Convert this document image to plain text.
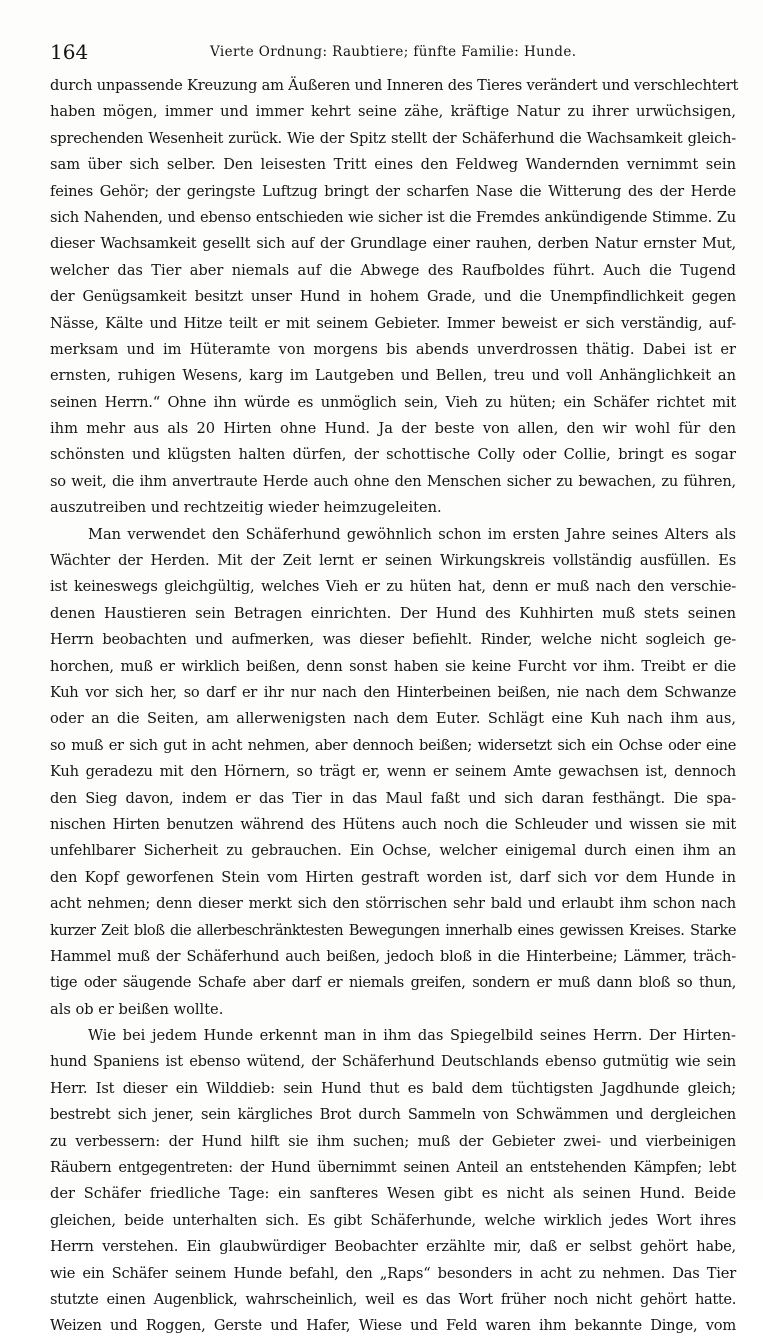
164	Vierte Ordnung: Raubtiere; fünfte Familie: Hunde.
durch unpassende Kreuzung am Äußeren und Inneren des Tieres verändert und verschlechtert
haben mögen, immer und immer kehrt seine zähe, kräftige Natur zu ihrer urwüchsigen,
sprechenden Wesenheit zurück. Wie der Spitz stellt der Schäferhund die Wachsamkeit gleich-
sam über sich selber. Den leisesten Tritt eines den Feldweg Wandernden vernimmt sein
feines Gehör; der geringste Luftzug bringt der scharfen Nase die Witterung des der Herde
sich Nahenden, und ebenso entschieden wie sicher ist die Fremdes ankündigende Stimme. Zu
dieser Wachsamkeit gesellt sich auf der Grundlage einer rauhen, derben Natur ernster Mut,
welcher das Tier aber niemals auf die Abwege des Raufboldes führt. Auch die Tugend
der Genügsamkeit besitzt unser Hund in hohem Grade, und die Unempfindlichkeit gegen
Nässe, Kälte und Hitze teilt er mit seinem Gebieter. Immer beweist er sich verständig, auf-
merksam und im Hüteramte von morgens bis abends unverdrossen thätig. Dabei ist er
ernsten, ruhigen Wesens, karg im Lautgeben und Bellen, treu und voll Anhänglichkeit an
seinen Herrn.“ Ohne ihn würde es unmöglich sein, Vieh zu hüten; ein Schäfer richtet mit
ihm mehr aus als 20 Hirten ohne Hund. Ja der beste von allen, den wir wohl für den
schönsten und klügsten halten dürfen, der schottische Colly oder Collie, bringt es sogar
so weit, die ihm anvertraute Herde auch ohne den Menschen sicher zu bewachen, zu führen,
auszutreiben und rechtzeitig wieder heimzugeleiten.
Man verwendet den Schäferhund gewöhnlich schon im ersten Jahre seines Alters als
Wächter der Herden. Mit der Zeit lernt er seinen Wirkungskreis vollständig ausfüllen. Es
ist keineswegs gleichgültig, welches Vieh er zu hüten hat, denn er muß nach den verschie-
denen Haustieren sein Betragen einrichten. Der Hund des Kuhhirten muß stets seinen
Herrn beobachten und aufmerken, was dieser befiehlt. Rinder, welche nicht sogleich ge-
horchen, muß er wirklich beißen, denn sonst haben sie keine Furcht vor ihm. Treibt er die
Kuh vor sich her, so darf er ihr nur nach den Hinterbeinen beißen, nie nach dem Schwanze
oder an die Seiten, am allerwenigsten nach dem Euter. Schlägt eine Kuh nach ihm aus,
so muß er sich gut in acht nehmen, aber dennoch beißen; widersetzt sich ein Ochse oder eine
Kuh geradezu mit den Hörnern, so trägt er, wenn er seinem Amte gewachsen ist, dennoch
den Sieg davon, indem er das Tier in das Maul faßt und sich daran festhängt. Die spa-
nischen Hirten benutzen während des Hütens auch noch die Schleuder und wissen sie mit
unfehlbarer Sicherheit zu gebrauchen. Ein Ochse, welcher einigemal durch einen ihm an
den Kopf geworfenen Stein vom Hirten gestraft worden ist, darf sich vor dem Hunde in
acht nehmen; denn dieser merkt sich den störrischen sehr bald und erlaubt ihm schon nach
kurzer Zeit bloß die allerbeschränktesten Bewegungen innerhalb eines gewissen Kreises. Starke
Hammel muß der Schäferhund auch beißen, jedoch bloß in die Hinterbeine; Lämmer, träch-
tige oder säugende Schafe aber darf er niemals greifen, sondern er muß dann bloß so thun,
als ob er beißen wollte.
Wie bei jedem Hunde erkennt man in ihm das Spiegelbild seines Herrn. Der Hirten-
hund Spaniens ist ebenso wütend, der Schäferhund Deutschlands ebenso gutmütig wie sein
Herr. Ist dieser ein Wilddieb: sein Hund thut es bald dem tüchtigsten Jagdhunde gleich;
bestrebt sich jener, sein kärgliches Brot durch Sammeln von Schwämmen und dergleichen
zu verbessern: der Hund hilft sie ihm suchen; muß der Gebieter zwei- und vierbeinigen
Räubern entgegentreten: der Hund übernimmt seinen Anteil an entstehenden Kämpfen; lebt
der Schäfer friedliche Tage: ein sanfteres Wesen gibt es nicht als seinen Hund. Beide
gleichen, beide unterhalten sich. Es gibt Schäferhunde, welche wirklich jedes Wort ihres
Herrn verstehen. Ein glaubwürdiger Beobachter erzählte mir, daß er selbst gehört habe,
wie ein Schäfer seinem Hunde befahl, den „Raps“ besonders in acht zu nehmen. Das Tier
stutzte einen Augenblick, wahrscheinlich, weil es das Wort früher noch nicht gehört hatte.
Weizen und Roggen, Gerste und Hafer, Wiese und Feld waren ihm bekannte Dinge, vom
